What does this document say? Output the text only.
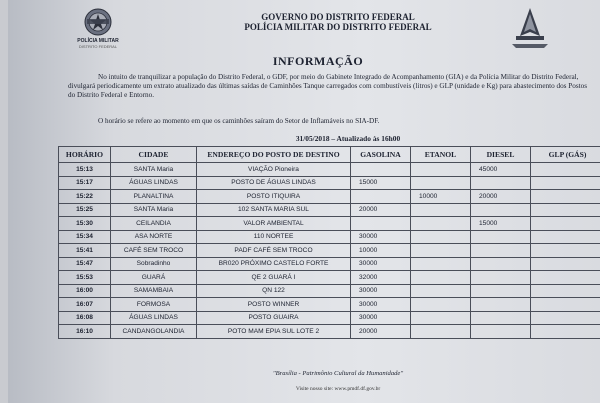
POLÍCIA MILITAR
DISTRITO FEDERAL
GOVERNO DO DISTRITO FEDERAL
POLÍCIA MILITAR DO DISTRITO FEDERAL
INFORMAÇÃO
No intuito de tranquilizar a população do Distrito Federal, o GDF, por meio do Gabinete Integrado de Acompanhamento (GIA) e da Polícia Militar do Distrito Federal, divulgará periodicamente um extrato atualizado das últimas saídas de Caminhões Tanque carregados com combustíveis (litros) e GLP (unidade e Kg) para abastecimento dos Postos do Distrito Federal e Entorno.
O horário se refere ao momento em que os caminhões saíram do Setor de Inflamáveis no SIA-DF.
31/05/2018 – Atualizado às 16h00
HORÁRIO	CIDADE	ENDEREÇO DO POSTO DE DESTINO	GASOLINA	ETANOL	DIESEL	GLP (GÁS)
15:13	SANTA Maria	VIAÇÃO Pioneira			45000	
15:17	ÁGUAS LINDAS	POSTO DE ÁGUAS LINDAS	15000			
15:22	PLANALTINA	POSTO ITIQUIRA		10000	20000	
15:25	SANTA Maria	102 SANTA MARIA SUL	20000			
15:30	CEILANDIA	VALOR AMBIENTAL			15000	
15:34	ASA NORTE	110 NORTEE	30000			
15:41	CAFÉ SEM TROCO	PADF CAFÉ SEM TROCO	10000			
15:47	Sobradinho	BR020 PRÓXIMO CASTELO FORTE	30000			
15:53	GUARÁ	QE 2 GUARÁ I	32000			
16:00	SAMAMBAIA	QN 122	30000			
16:07	FORMOSA	POSTO WINNER	30000			
16:08	ÁGUAS LINDAS	POSTO GUAIRA	30000			
16:10	CANDANGOLANDIA	POTO MAM EPIA SUL LOTE 2	20000			
"Brasília - Patrimônio Cultural da Humanidade"
Visite nosso site: www.pmdf.df.gov.br
